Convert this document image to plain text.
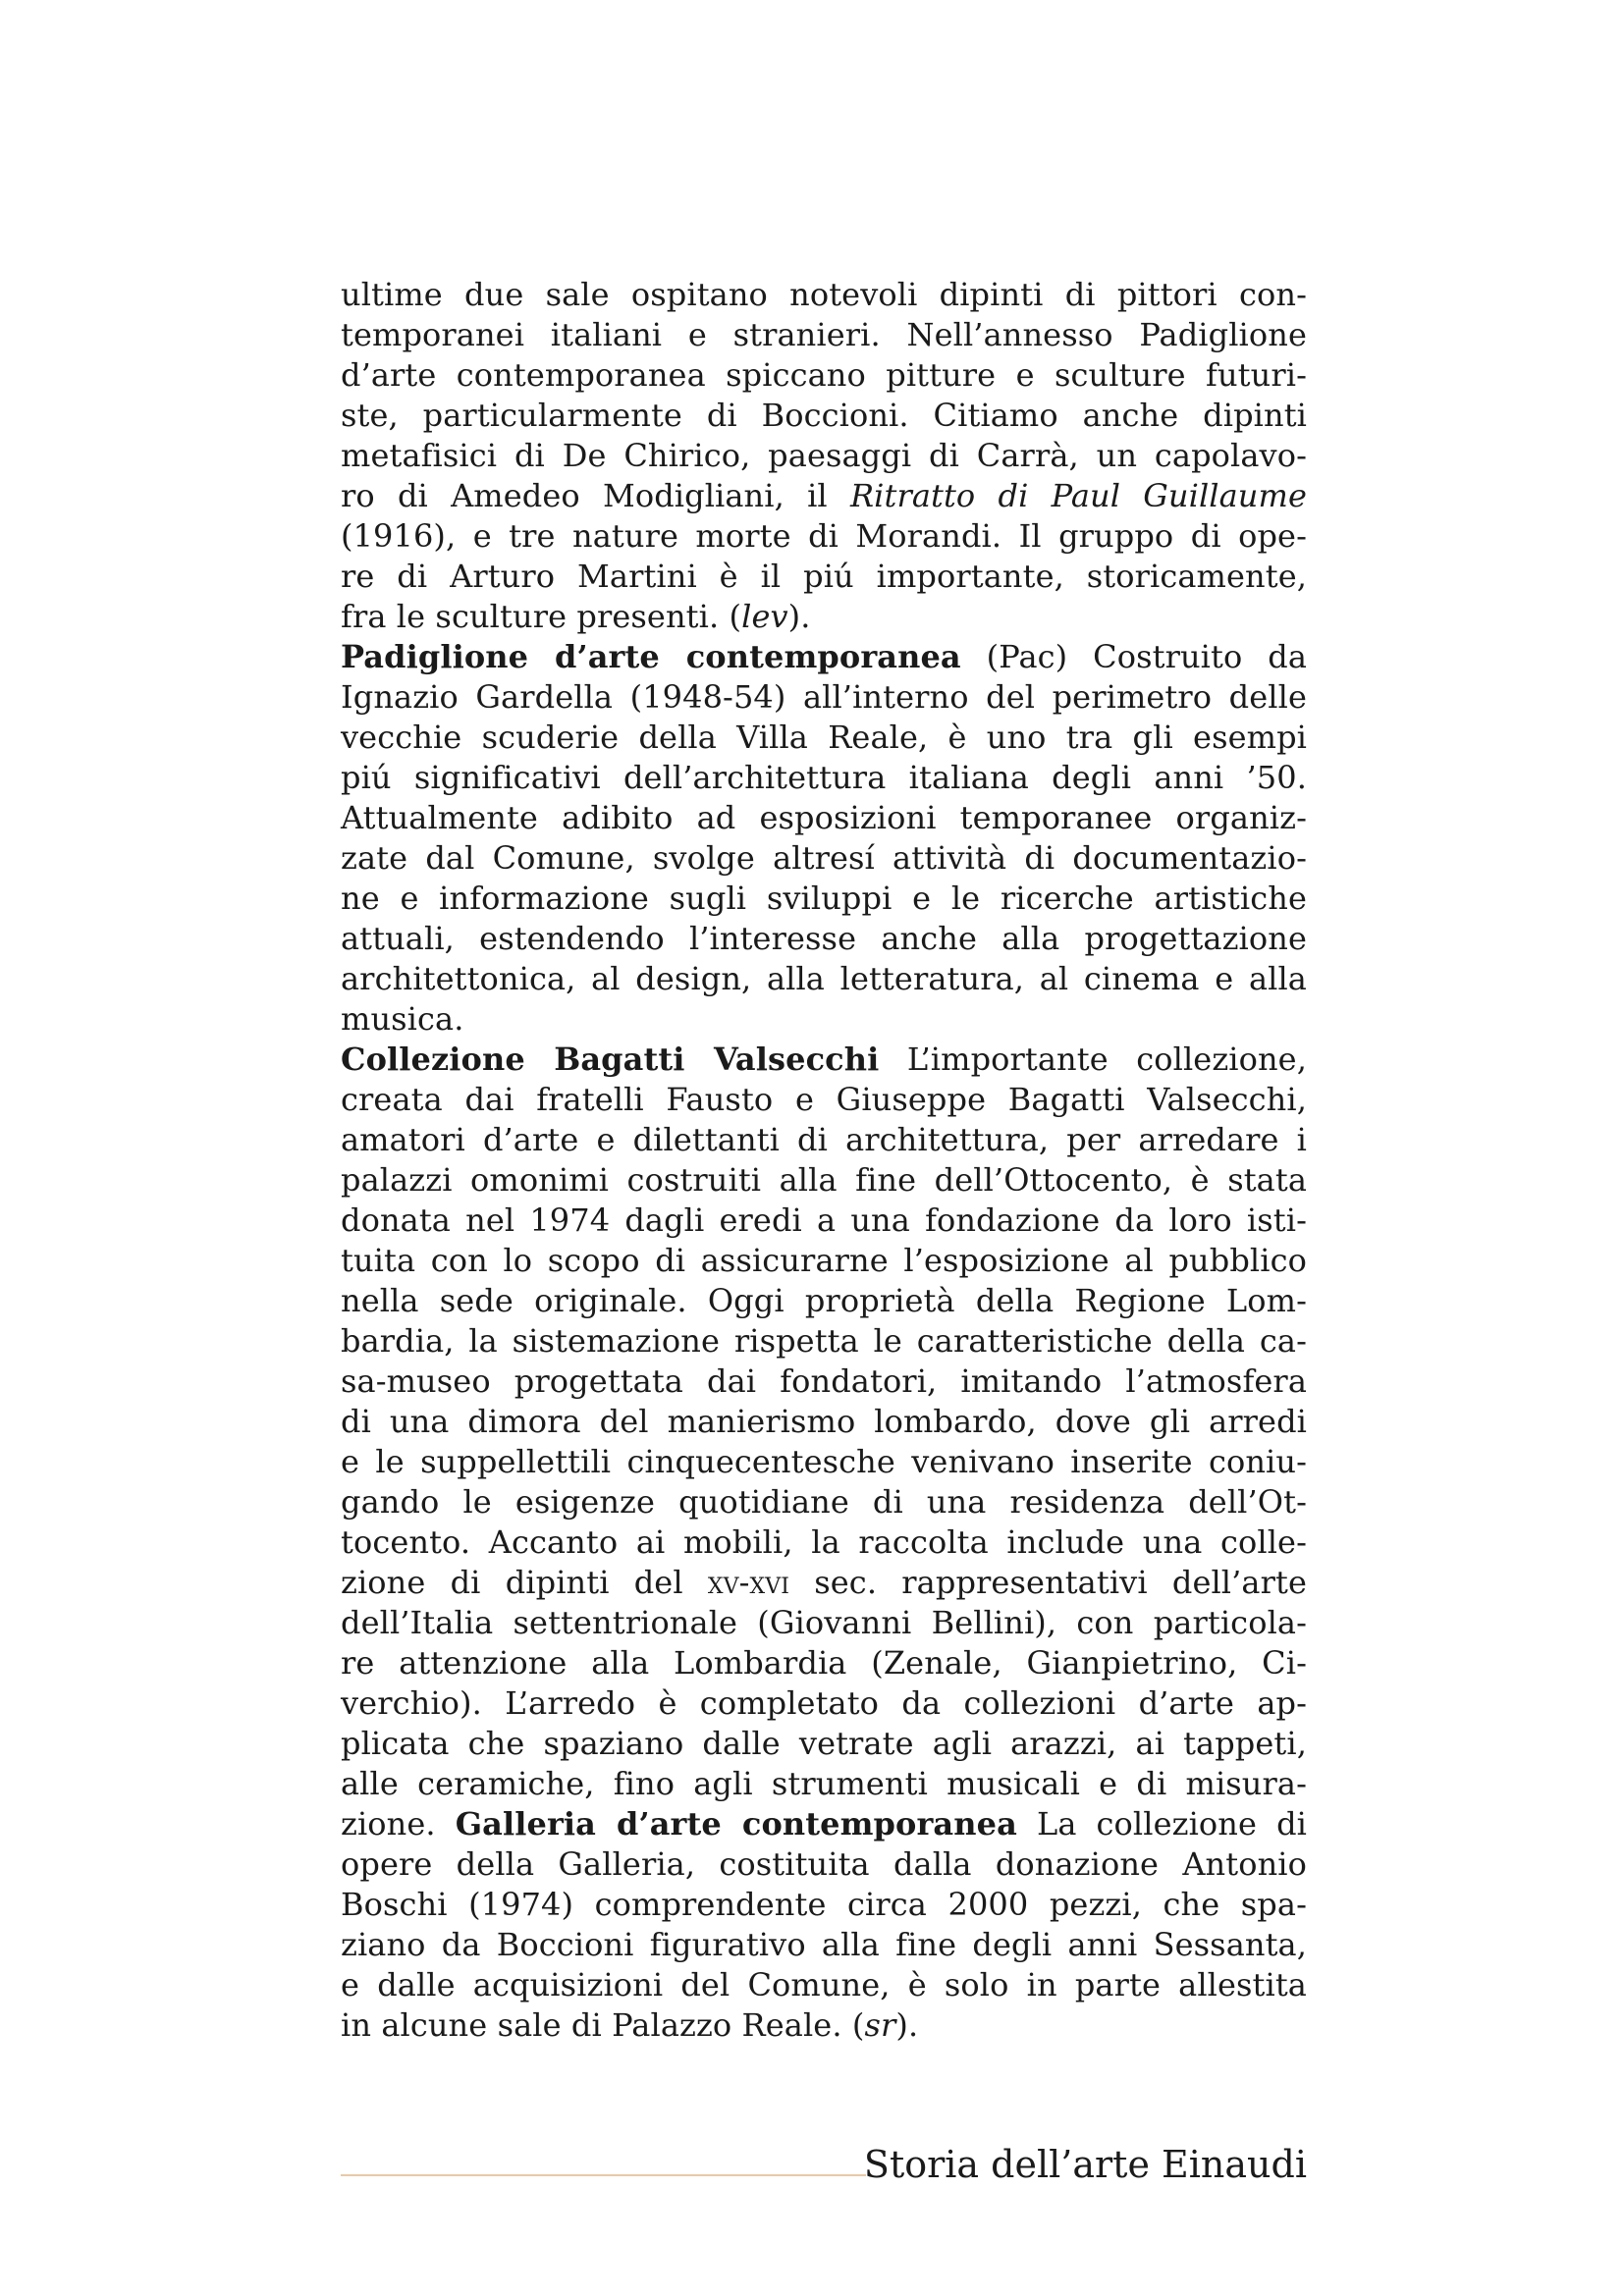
ultime due sale ospitano notevoli dipinti di pittori con-
temporanei italiani e stranieri. Nell’annesso Padiglione
d’arte contemporanea spiccano pitture e sculture futuri-
ste, particularmente di Boccioni. Citiamo anche dipinti
metafisici di De Chirico, paesaggi di Carrà, un capolavo-
ro di Amedeo Modigliani, il Ritratto di Paul Guillaume
(1916), e tre nature morte di Morandi. Il gruppo di ope-
re di Arturo Martini è il piú importante, storicamente,
fra le sculture presenti. (lev).
Padiglione d’arte contemporanea (Pac) Costruito da
Ignazio Gardella (1948-54) all’interno del perimetro delle
vecchie scuderie della Villa Reale, è uno tra gli esempi
piú significativi dell’architettura italiana degli anni ’50.
Attualmente adibito ad esposizioni temporanee organiz-
zate dal Comune, svolge altresí attività di documentazio-
ne e informazione sugli sviluppi e le ricerche artistiche
attuali, estendendo l’interesse anche alla progettazione
architettonica, al design, alla letteratura, al cinema e alla
musica.
Collezione Bagatti Valsecchi L’importante collezione,
creata dai fratelli Fausto e Giuseppe Bagatti Valsecchi,
amatori d’arte e dilettanti di architettura, per arredare i
palazzi omonimi costruiti alla fine dell’Ottocento, è stata
donata nel 1974 dagli eredi a una fondazione da loro isti-
tuita con lo scopo di assicurarne l’esposizione al pubblico
nella sede originale. Oggi proprietà della Regione Lom-
bardia, la sistemazione rispetta le caratteristiche della ca-
sa-museo progettata dai fondatori, imitando l’atmosfera
di una dimora del manierismo lombardo, dove gli arredi
e le suppellettili cinquecentesche venivano inserite coniu-
gando le esigenze quotidiane di una residenza dell’Ot-
tocento. Accanto ai mobili, la raccolta include una colle-
zione di dipinti del xv-xvi sec. rappresentativi dell’arte
dell’Italia settentrionale (Giovanni Bellini), con particola-
re attenzione alla Lombardia (Zenale, Gianpietrino, Ci-
verchio). L’arredo è completato da collezioni d’arte ap-
plicata che spaziano dalle vetrate agli arazzi, ai tappeti,
alle ceramiche, fino agli strumenti musicali e di misura-
zione. Galleria d’arte contemporanea La collezione di
opere della Galleria, costituita dalla donazione Antonio
Boschi (1974) comprendente circa 2000 pezzi, che spa-
ziano da Boccioni figurativo alla fine degli anni Sessanta,
e dalle acquisizioni del Comune, è solo in parte allestita
in alcune sale di Palazzo Reale. (sr).
Storia dell’arte Einaudi
